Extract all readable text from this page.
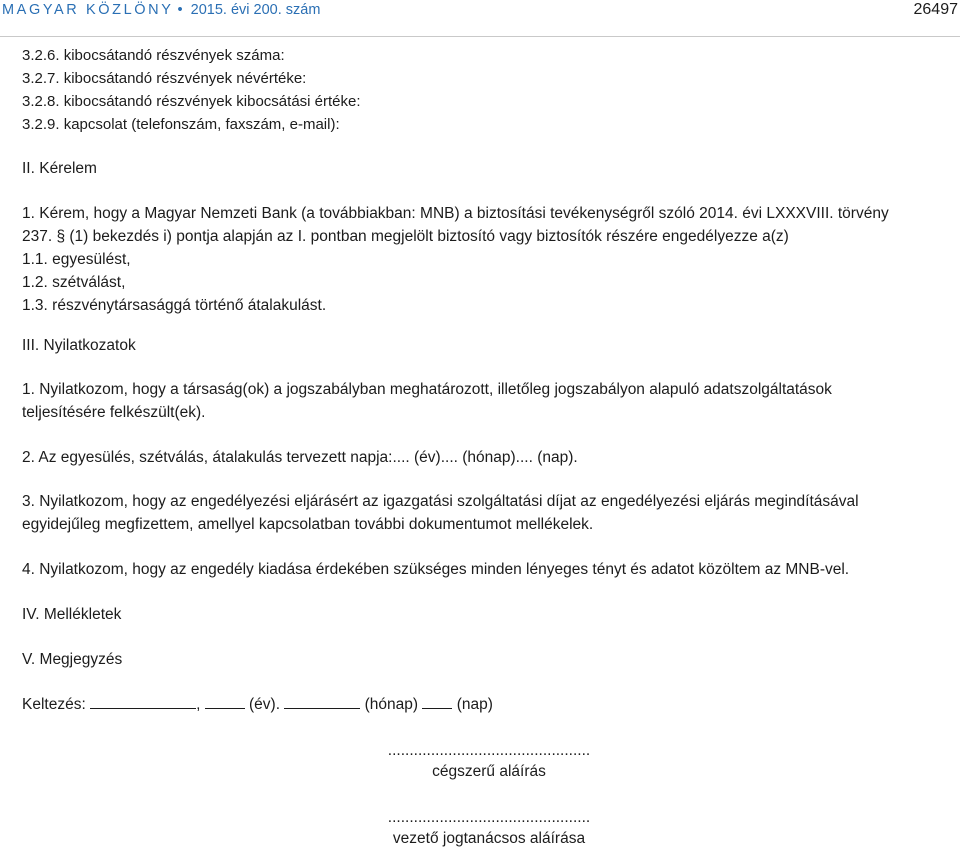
MAGYAR KÖZLÖNY • 2015. évi 200. szám	26497
3.2.6. kibocsátandó részvények száma:
3.2.7. kibocsátandó részvények névértéke:
3.2.8. kibocsátandó részvények kibocsátási értéke:
3.2.9. kapcsolat (telefonszám, faxszám, e-mail):
II. Kérelem
1. Kérem, hogy a Magyar Nemzeti Bank (a továbbiakban: MNB) a biztosítási tevékenységről szóló 2014. évi LXXXVIII. törvény
237. § (1) bekezdés i) pontja alapján az I. pontban megjelölt biztosító vagy biztosítók részére engedélyezze a(z)
1.1. egyesülést,
1.2. szétválást,
1.3. részvénytársasággá történő átalakulást.
III. Nyilatkozatok
1. Nyilatkozom, hogy a társaság(ok) a jogszabályban meghatározott, illetőleg jogszabályon alapuló adatszolgáltatások
teljesítésére felkészült(ek).
2. Az egyesülés, szétválás, átalakulás tervezett napja:.... (év).... (hónap).... (nap).
3. Nyilatkozom, hogy az engedélyezési eljárásért az igazgatási szolgáltatási díjat az engedélyezési eljárás megindításával
egyidejűleg megfizettem, amellyel kapcsolatban további dokumentumot mellékelek.
4. Nyilatkozom, hogy az engedély kiadása érdekében szükséges minden lényeges tényt és adatot közöltem az MNB-vel.
IV. Mellékletek
V. Megjegyzés
Keltezés:	,	(év).	(hónap) (nap)
...............................................
cégszerű aláírás
...............................................
vezető jogtanácsos aláírása
